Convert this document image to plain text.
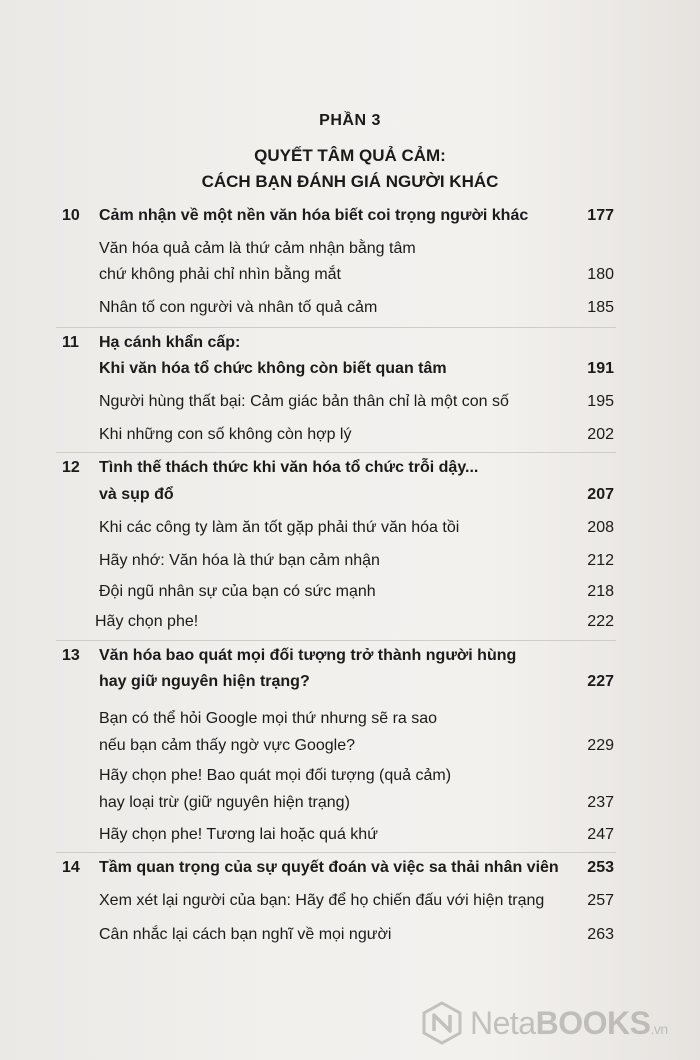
PHẦN 3
QUYẾT TÂM QUẢ CẢM:
CÁCH BẠN ĐÁNH GIÁ NGƯỜI KHÁC
10 Cảm nhận về một nền văn hóa biết coi trọng người khác	177
Văn hóa quả cảm là thứ cảm nhận bằng tâm
chứ không phải chỉ nhìn bằng mắt	180
Nhân tố con người và nhân tố quả cảm	185
11 Hạ cánh khẩn cấp:
Khi văn hóa tổ chức không còn biết quan tâm	191
Người hùng thất bại: Cảm giác bản thân chỉ là một con số	195
Khi những con số không còn hợp lý	202
12 Tình thế thách thức khi văn hóa tổ chức trỗi dậy...
và sụp đổ	207
Khi các công ty làm ăn tốt gặp phải thứ văn hóa tồi	208
Hãy nhớ: Văn hóa là thứ bạn cảm nhận	212
Đội ngũ nhân sự của bạn có sức mạnh	218
Hãy chọn phe!	222
13 Văn hóa bao quát mọi đối tượng trở thành người hùng
hay giữ nguyên hiện trạng?	227
Bạn có thể hỏi Google mọi thứ nhưng sẽ ra sao
nếu bạn cảm thấy ngờ vực Google?	229
Hãy chọn phe! Bao quát mọi đối tượng (quả cảm)
hay loại trừ (giữ nguyên hiện trạng)	237
Hãy chọn phe! Tương lai hoặc quá khứ	247
14 Tầm quan trọng của sự quyết đoán và việc sa thải nhân viên 253
Xem xét lại người của bạn: Hãy để họ chiến đấu với hiện trạng	257
Cân nhắc lại cách bạn nghĩ về mọi người	263
NetaBOOKS.vn
